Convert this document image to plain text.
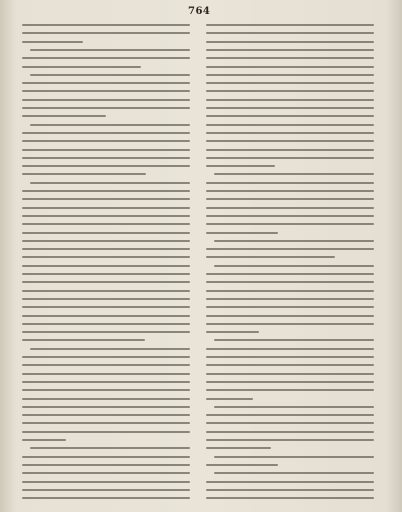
764
